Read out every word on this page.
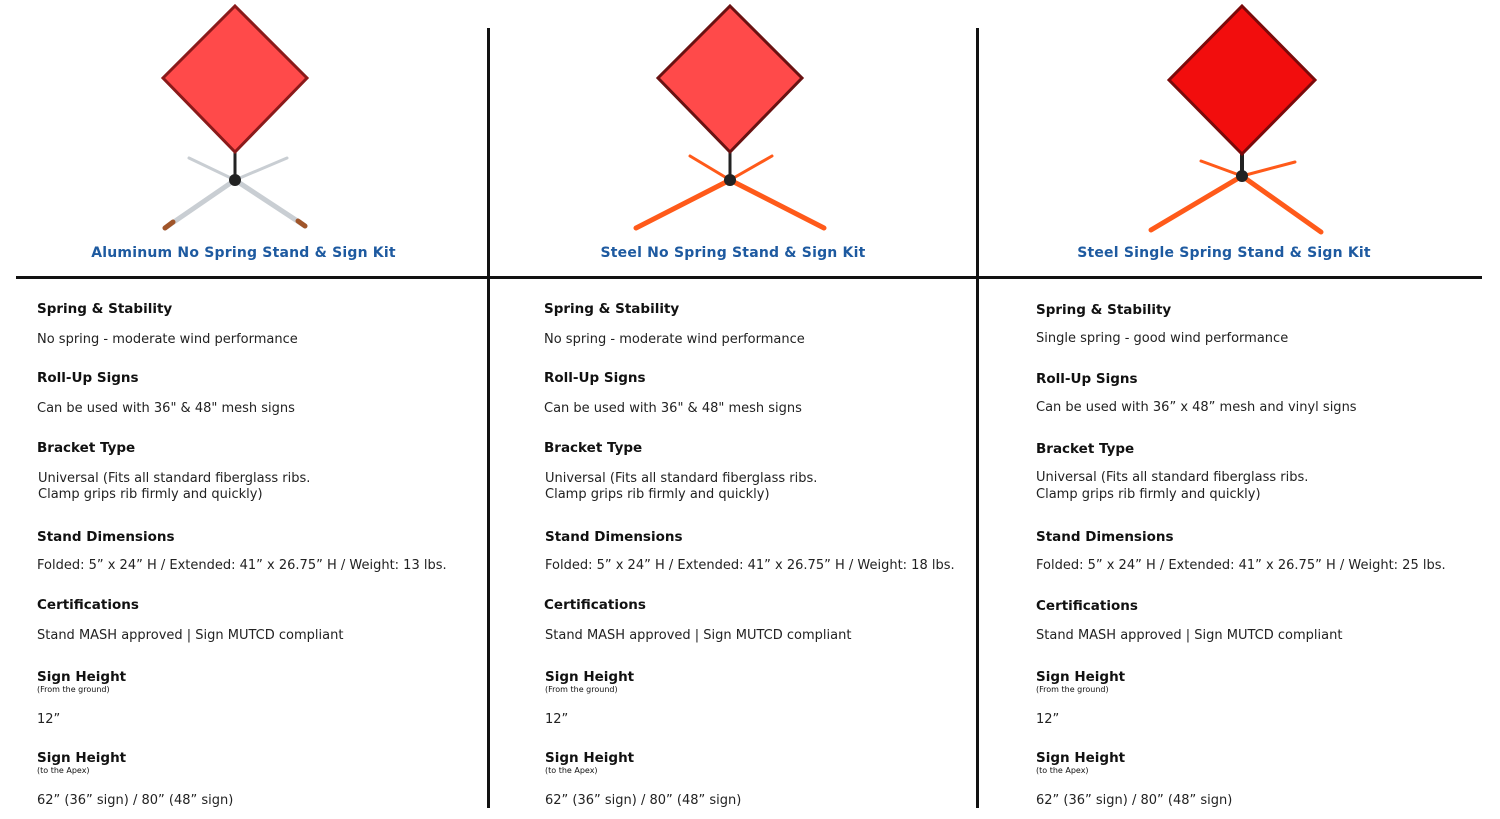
Aluminum No Spring Stand & Sign Kit	Steel No Spring Stand & Sign Kit	Steel Single Spring Stand & Sign Kit
Spring & Stability
No spring - moderate wind performance
Roll-Up Signs
Can be used with 36" & 48" mesh signs
Bracket Type
Universal (Fits all standard fiberglass ribs.
Clamp grips rib firmly and quickly)
Stand Dimensions
Folded: 5” x 24” H / Extended: 41” x 26.75” H / Weight: 13 lbs.
Certifications
Stand MASH approved | Sign MUTCD compliant
Sign Height
(From the ground)
12”
Sign Height
(to the Apex)
62” (36” sign) / 80” (48” sign)
Spring & Stability
No spring - moderate wind performance
Roll-Up Signs
Can be used with 36" & 48" mesh signs
Bracket Type
Universal (Fits all standard fiberglass ribs.
Clamp grips rib firmly and quickly)
Stand Dimensions
Folded: 5” x 24” H / Extended: 41” x 26.75” H / Weight: 18 lbs.
Certifications
Stand MASH approved | Sign MUTCD compliant
Sign Height
(From the ground)
12”
Sign Height
(to the Apex)
62” (36” sign) / 80” (48” sign)
Spring & Stability
Single spring - good wind performance
Roll-Up Signs
Can be used with 36” x 48” mesh and vinyl signs
Bracket Type
Universal (Fits all standard fiberglass ribs.
Clamp grips rib firmly and quickly)
Stand Dimensions
Folded: 5” x 24” H / Extended: 41” x 26.75” H / Weight: 25 lbs.
Certifications
Stand MASH approved | Sign MUTCD compliant
Sign Height
(From the ground)
12”
Sign Height
(to the Apex)
62” (36” sign) / 80” (48” sign)
